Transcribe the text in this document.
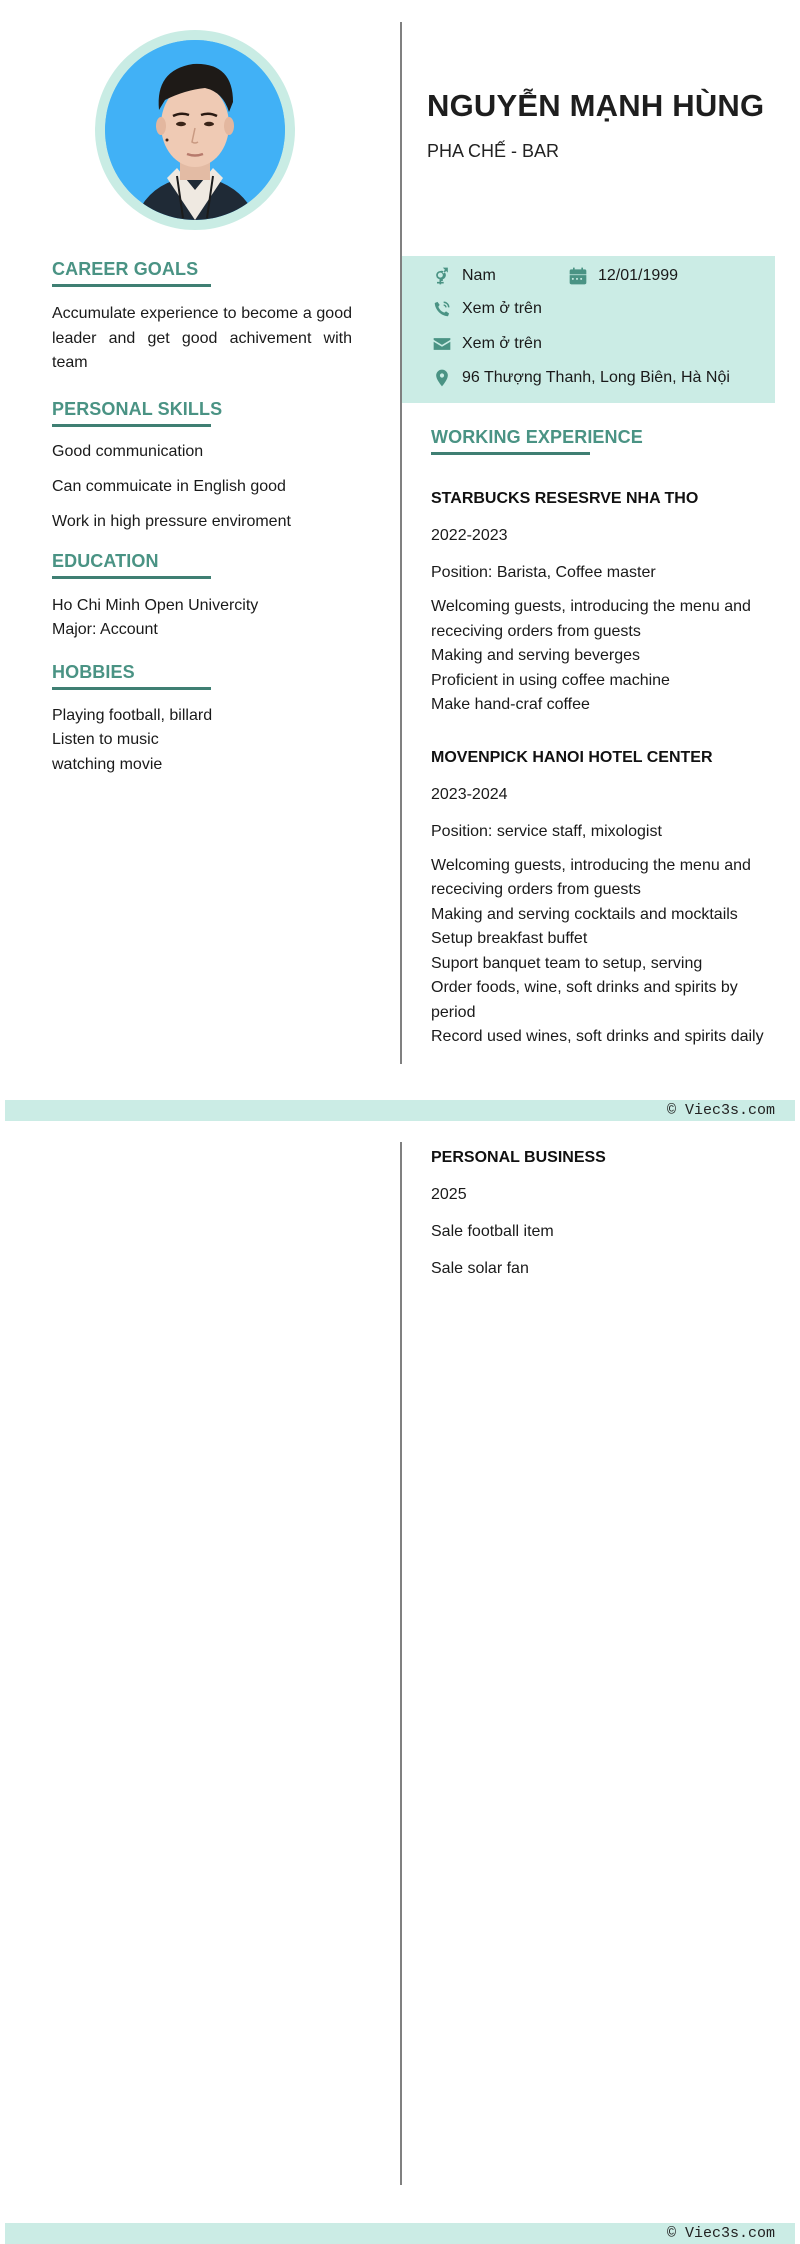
NGUYỄN MẠNH HÙNG
PHA CHẾ - BAR
Nam	12/01/1999
Xem ở trên
Xem ở trên
96 Thượng Thanh, Long Biên, Hà Nội
CAREER GOALS
Accumulate experience to become a good leader and get good achivement with team
PERSONAL SKILLS
Good communication
Can commuicate in English good
Work in high pressure enviroment
EDUCATION
Ho Chi Minh Open Univercity
Major: Account
HOBBIES
Playing football, billard
Listen to music
watching movie
WORKING EXPERIENCE
STARBUCKS RESESRVE NHA THO
2022-2023
Position: Barista, Coffee master
Welcoming guests, introducing the menu and receciving orders from guests
Making and serving beverges
Proficient in using coffee machine
Make hand-craf coffee
MOVENPICK HANOI HOTEL CENTER
2023-2024
Position: service staff, mixologist
Welcoming guests, introducing the menu and receciving orders from guests
Making and serving cocktails and mocktails
Setup breakfast buffet
Suport banquet team to setup, serving
Order foods, wine, soft drinks and spirits by period
Record used wines, soft drinks and spirits daily
© Viec3s.com
PERSONAL BUSINESS
2025
Sale football item
Sale solar fan
© Viec3s.com
